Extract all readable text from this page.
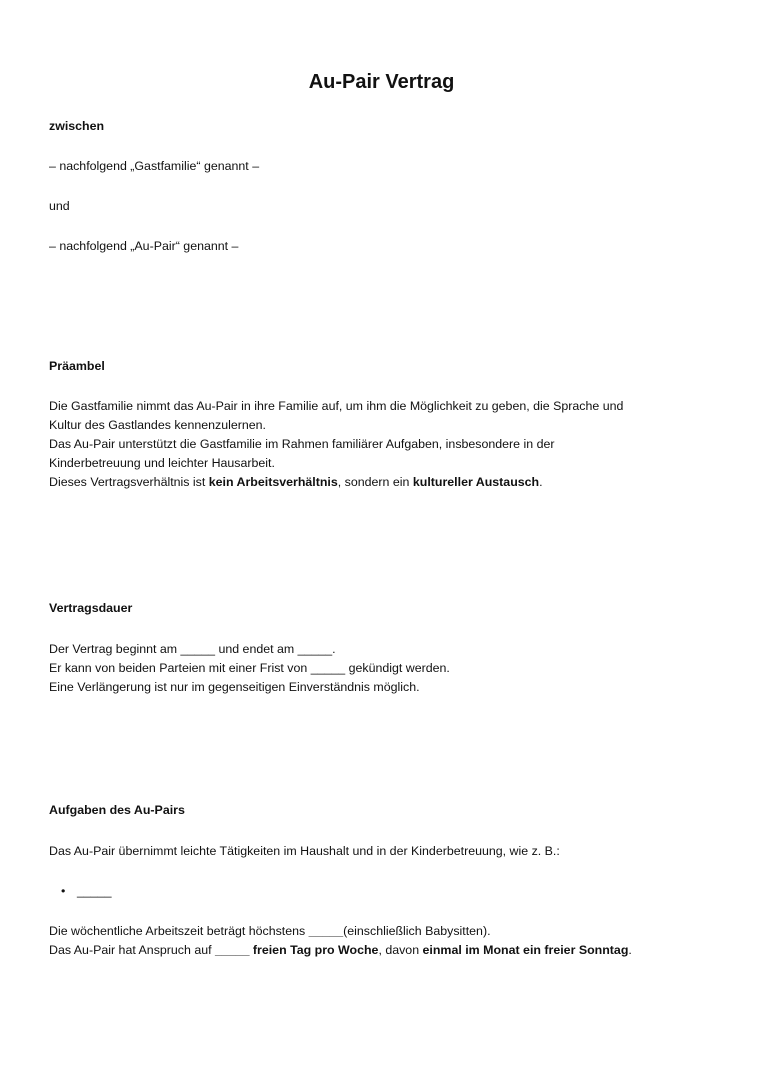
Au-Pair Vertrag
zwischen
– nachfolgend „Gastfamilie“ genannt –
und
– nachfolgend „Au-Pair“ genannt –
Präambel
Die Gastfamilie nimmt das Au-Pair in ihre Familie auf, um ihm die Möglichkeit zu geben, die Sprache und
Kultur des Gastlandes kennenzulernen.
Das Au-Pair unterstützt die Gastfamilie im Rahmen familiärer Aufgaben, insbesondere in der
Kinderbetreuung und leichter Hausarbeit.
Dieses Vertragsverhältnis ist kein Arbeitsverhältnis, sondern ein kultureller Austausch.
Vertragsdauer
Der Vertrag beginnt am _____ und endet am _____.
Er kann von beiden Parteien mit einer Frist von _____ gekündigt werden.
Eine Verlängerung ist nur im gegenseitigen Einverständnis möglich.
Aufgaben des Au-Pairs
Das Au-Pair übernimmt leichte Tätigkeiten im Haushalt und in der Kinderbetreuung, wie z. B.:
• _____
Die wöchentliche Arbeitszeit beträgt höchstens _____(einschließlich Babysitten).
Das Au-Pair hat Anspruch auf _____ freien Tag pro Woche, davon einmal im Monat ein freier Sonntag.
